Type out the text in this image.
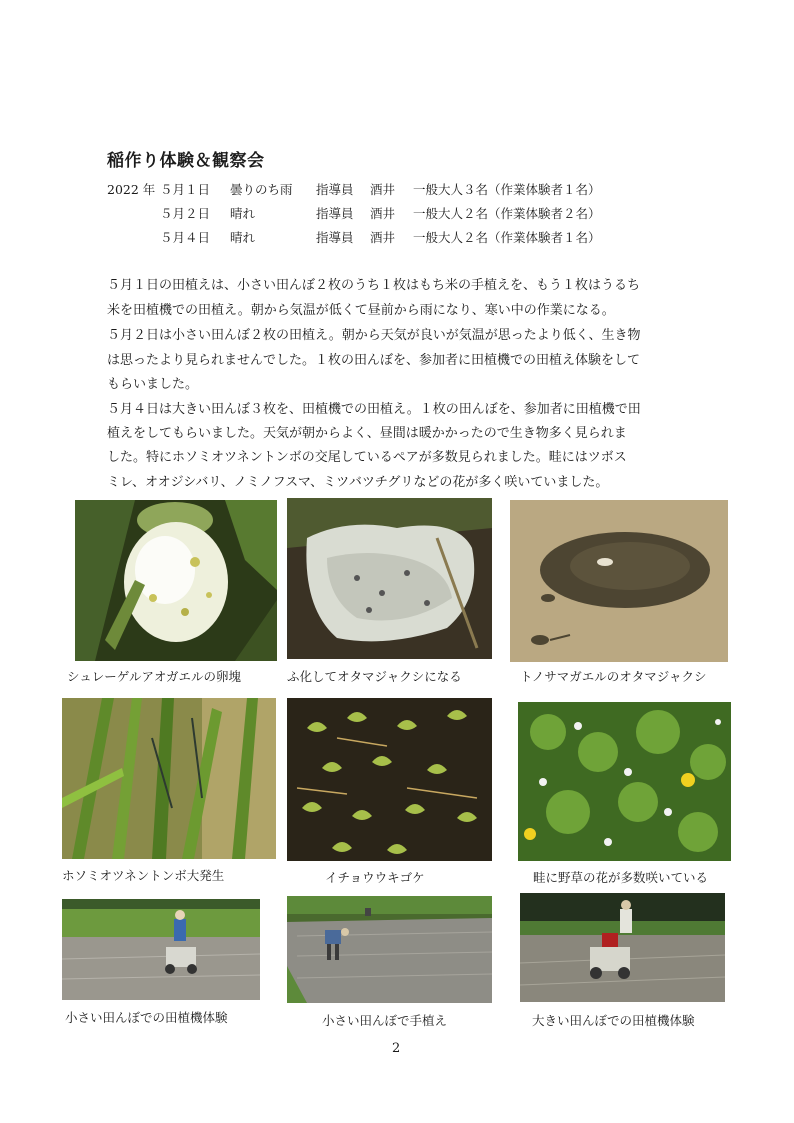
稲作り体験＆観察会
2022 年 ５月１日 曇りのち雨 指導員 酒井 一般大人３名（作業体験者１名）
５月２日 晴れ	指導員 酒井 一般大人２名（作業体験者２名）
５月４日 晴れ	指導員 酒井 一般大人２名（作業体験者１名）
５月１日の田植えは、小さい田んぼ２枚のうち１枚はもち米の手植えを、もう１枚はうるち
米を田植機での田植え。朝から気温が低くて昼前から雨になり、寒い中の作業になる。
５月２日は小さい田んぼ２枚の田植え。朝から天気が良いが気温が思ったより低く、生き物
は思ったより見られませんでした。１枚の田んぼを、参加者に田植機での田植え体験をして
もらいました。
５月４日は大きい田んぼ３枚を、田植機での田植え。１枚の田んぼを、参加者に田植機で田
植えをしてもらいました。天気が朝からよく、昼間は暖かかったので生き物多く見られま
した。特にホソミオツネントンボの交尾しているペアが多数見られました。畦にはツボス
ミレ、オオジシバリ、ノミノフスマ、ミツバツチグリなどの花が多く咲いていました。
シュレーゲルアオガエルの卵塊	ふ化してオタマジャクシになる	トノサマガエルのオタマジャクシ
ホソミオツネントンボ大発生	イチョウウキゴケ	畦に野草の花が多数咲いている
小さい田んぼでの田植機体験	小さい田んぼで手植え	大きい田んぼでの田植機体験
2
